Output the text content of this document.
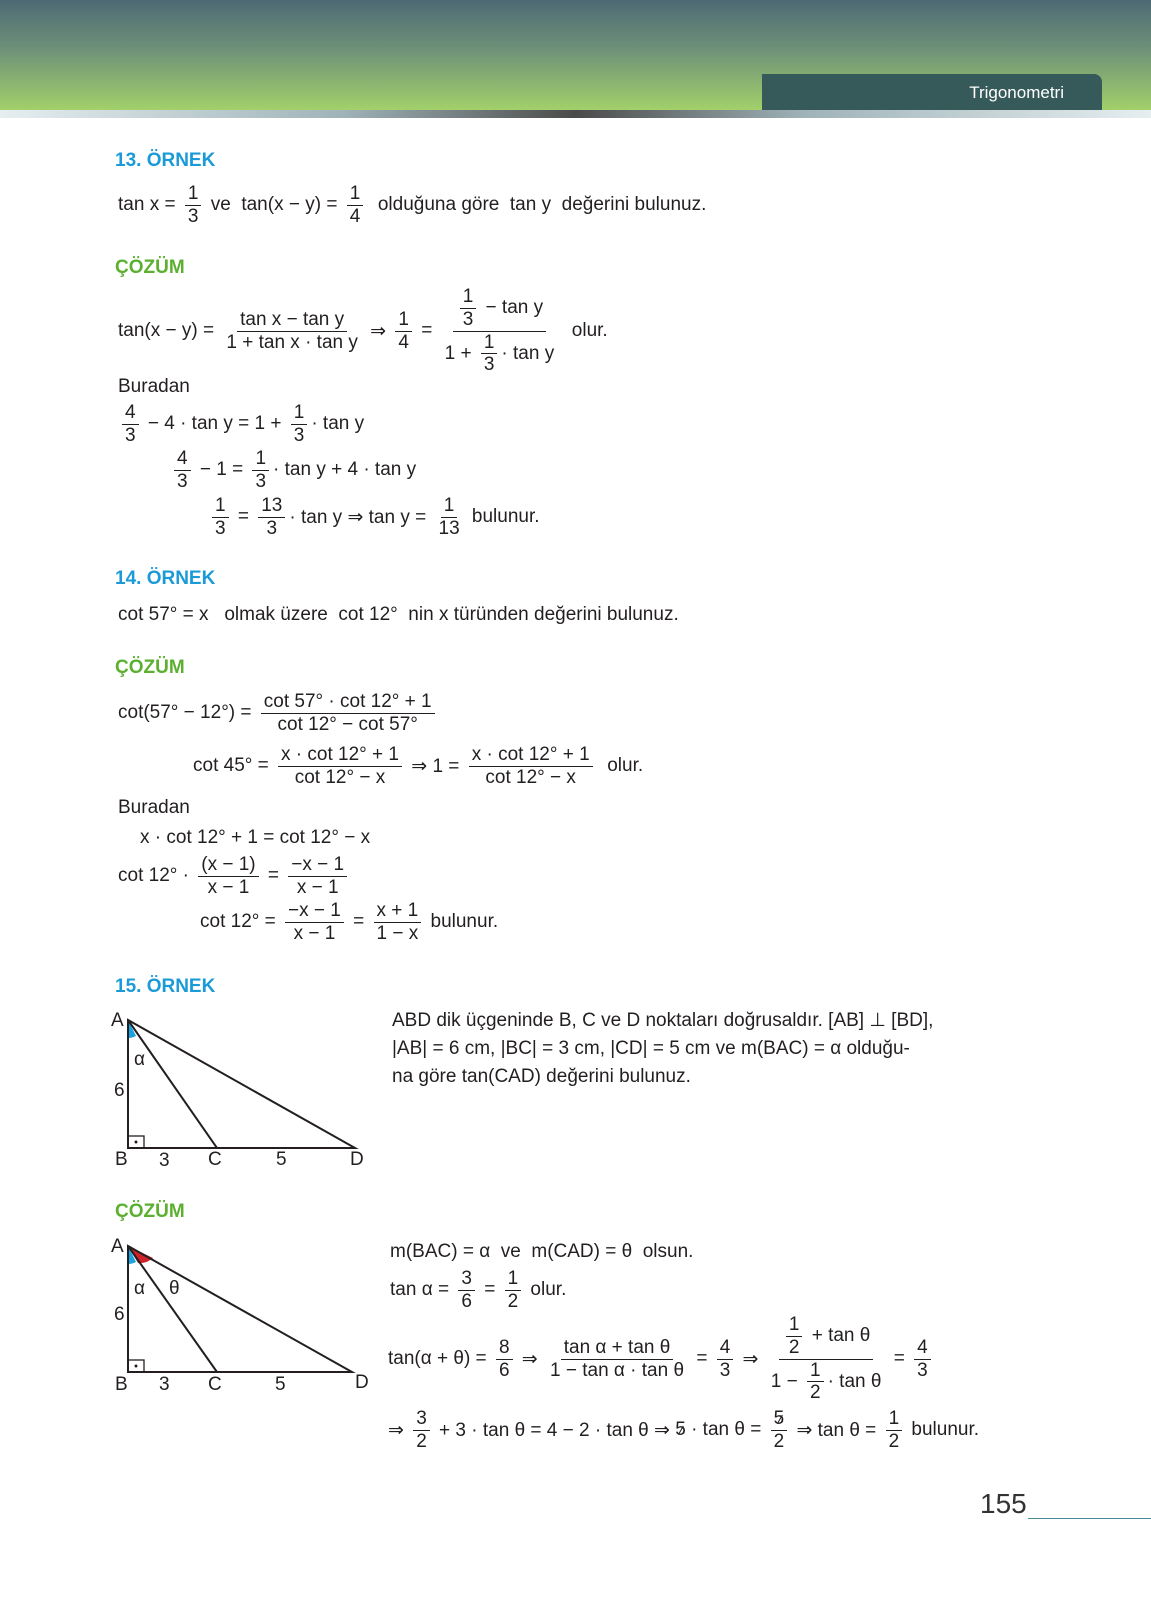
Trigonometri
13. ÖRNEK
$\tan x = \frac{1}{3}$ ve  $\tan(x - y) = \frac{1}{4}$ olduğuna göre  tan y  değerini bulunuz.
ÇÖZÜM
$\tan(x - y) = \frac{\text{tan x − tan y}}{\text{1 + tan x · tan y}}$ ⇒ $\frac{1}{4} = \frac{\frac{1}{3} - \tan y}{1 + \frac{1}{3} \cdot \tan y}$ olur.
Buradan
$\frac{4}{3} - 4 \cdot \tan y = 1 + \frac{1}{3} \cdot \tan y$
$\frac{4}{3} - 1 = \frac{1}{3} \cdot \tan y + 4 \cdot \tan y$
$\frac{1}{3} = \frac{13}{3} \cdot \tan y$ ⇒ $\tan y = \frac{1}{13}$ bulunur.
14. ÖRNEK
cot 57° = x   olmak üzere  cot 12°  nin x türünden değerini bulunuz.
ÇÖZÜM
$\cot(57^\circ - 12^\circ) = \frac{\cot 57^\circ \cdot \cot 12^\circ + 1}{\cot 12^\circ - \cot 57^\circ}$
$\cot 45^\circ = \frac{x \cdot \cot 12^\circ + 1}{\cot 12^\circ - x}$ ⇒ $1 = \frac{x \cdot \cot 12^\circ + 1}{\cot 12^\circ - x}$ olur.
Buradan
x · cot 12° + 1 = cot 12° − x
$\cot 12^\circ \cdot \frac{(x - 1)}{x - 1} = \frac{-x - 1}{x - 1}$
$\cot 12^\circ = \frac{-x - 1}{x - 1} = \frac{x + 1}{1 - x}$ bulunur.
15. ÖRNEK
A
B	C	D
6
3	5
α
ABD dik üçgeninde B, C ve D noktaları doğrusaldır. [AB] ⊥ [BD],
|AB| = 6 cm, |BC| = 3 cm, |CD| = 5 cm ve m(BAC) = α olduğu-
na göre tan(CAD) değerini bulunuz.
ÇÖZÜM
A
B	C	D
6
3	5
α θ
m(BAC) = α  ve  m(CAD) = θ  olsun.
$\tan \alpha = \frac{3}{6} = \frac{1}{2}$ olur.
$\tan(\alpha + \theta) = \frac{8}{6}$ ⇒ $\frac{\text{tan α + tan θ}}{\text{1 − tan α · tan θ}} = \frac{4}{3}$ ⇒ $\frac{\frac{1}{2} + \tan \theta}{1 - \frac{1}{2} \cdot \tan \theta} = \frac{4}{3}$
⇒ $\frac{3}{2} + 3 \cdot \tan \theta = 4 - 2 \cdot \tan \theta$ ⇒ $5 \cdot \tan \theta = \frac{5}{2}$ ⇒ $\tan \theta = \frac{1}{2}$ bulunur.
155
